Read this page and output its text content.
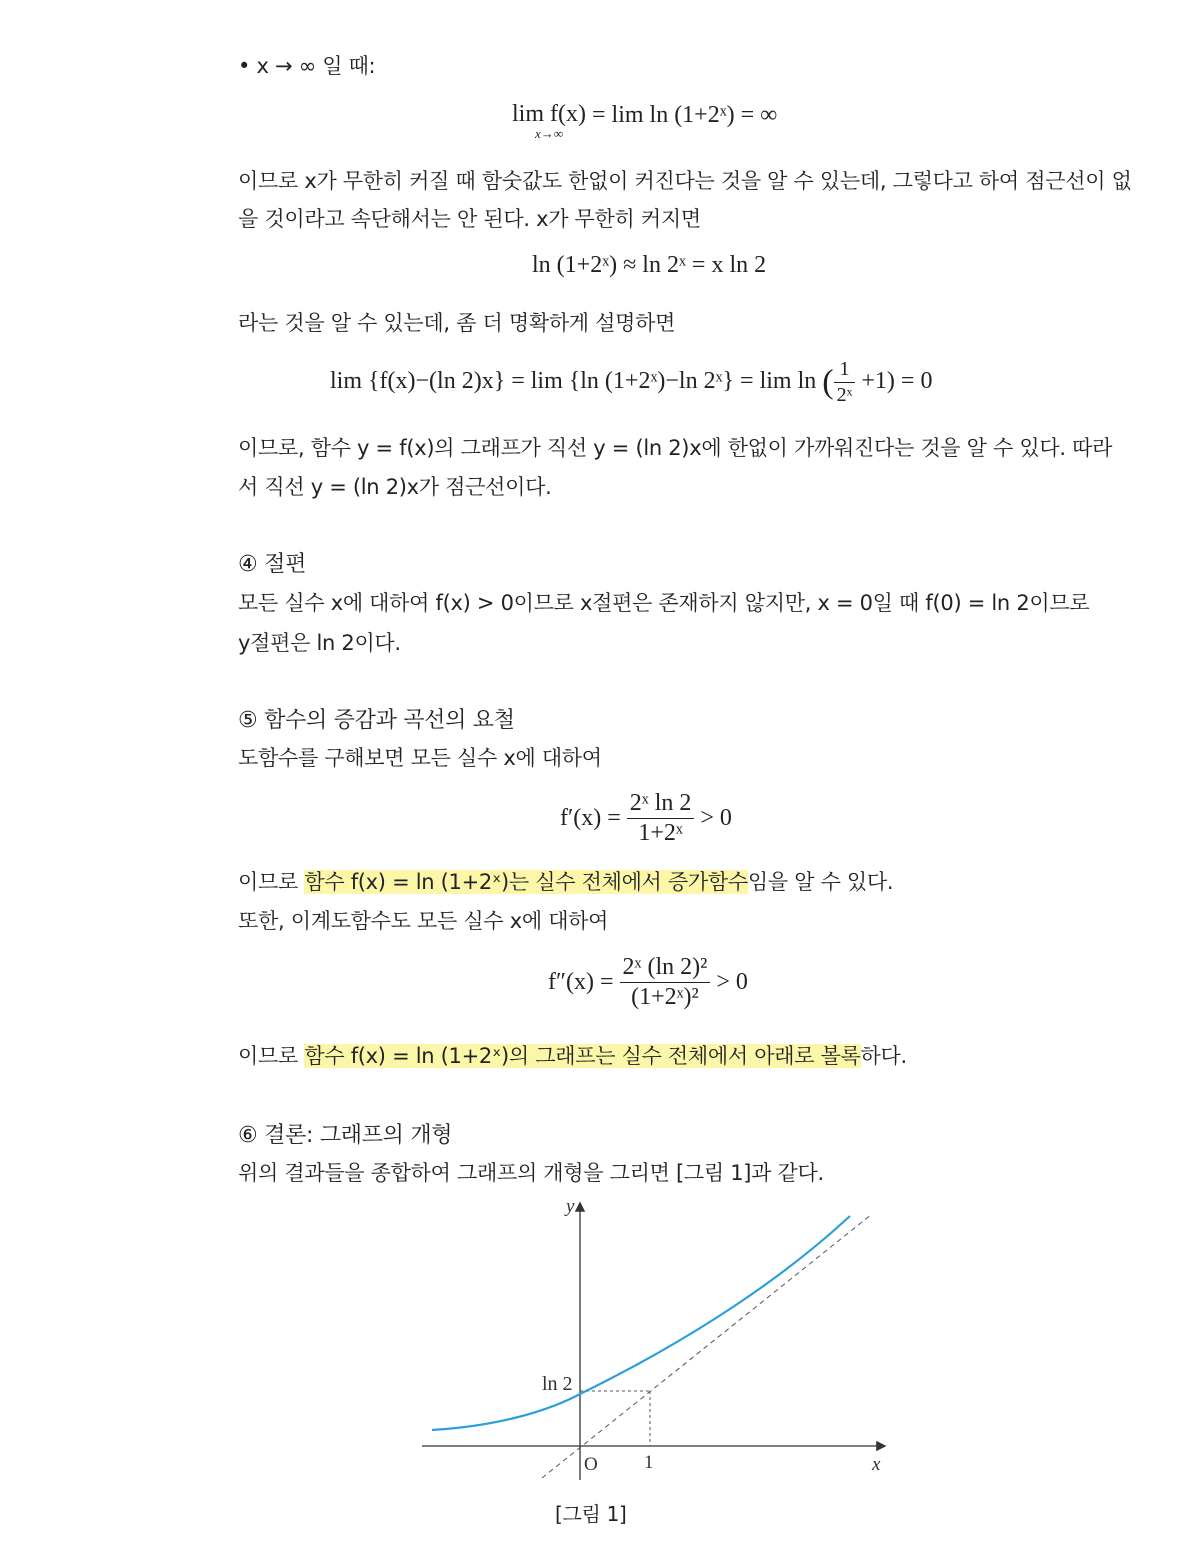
• x → ∞ 일 때:
lim f(x)
x→∞
= lim ln (1+2ˣ) = ∞
이므로 x가 무한히 커질 때 함숫값도 한없이 커진다는 것을 알 수 있는데, 그렇다고 하여 점근선이 없
을 것이라고 속단해서는 안 된다. x가 무한히 커지면
ln (1+2ˣ) ≈ ln 2ˣ = x ln 2
라는 것을 알 수 있는데, 좀 더 명확하게 설명하면
lim {f(x)−(ln 2)x} = lim {ln (1+2ˣ)−ln 2ˣ} = lim ln ( $\frac{1}{\text{2ˣ}} +1) = 0$
이므로, 함수 y = f(x)의 그래프가 직선 y = (ln 2)x에 한없이 가까워진다는 것을 알 수 있다. 따라
서 직선 y = (ln 2)x가 점근선이다.
④ 절편
모든 실수 x에 대하여 f(x) > 0이므로 x절편은 존재하지 않지만, x = 0일 때 f(0) = ln 2이므로
y절편은 ln 2이다.
⑤ 함수의 증감과 곡선의 요철
도함수를 구해보면 모든 실수 x에 대하여
$f'(x) = \frac{\text{2ˣ ln 2}}{\text{1+2ˣ}} > 0$
이므로 함수 f(x) = ln (1+2ˣ)는 실수 전체에서 증가함수임을 알 수 있다.
또한, 이계도함수도 모든 실수 x에 대하여
$f''(x) = \frac{\text{2ˣ (ln 2)²}}{\text{(1+2ˣ)²}} > 0$
이므로 함수 f(x) = ln (1+2ˣ)의 그래프는 실수 전체에서 아래로 볼록하다.
⑥ 결론: 그래프의 개형
위의 결과들을 종합하여 그래프의 개형을 그리면 [그림 1]과 같다.
y
x
O 1
ln 2
[그림 1]
